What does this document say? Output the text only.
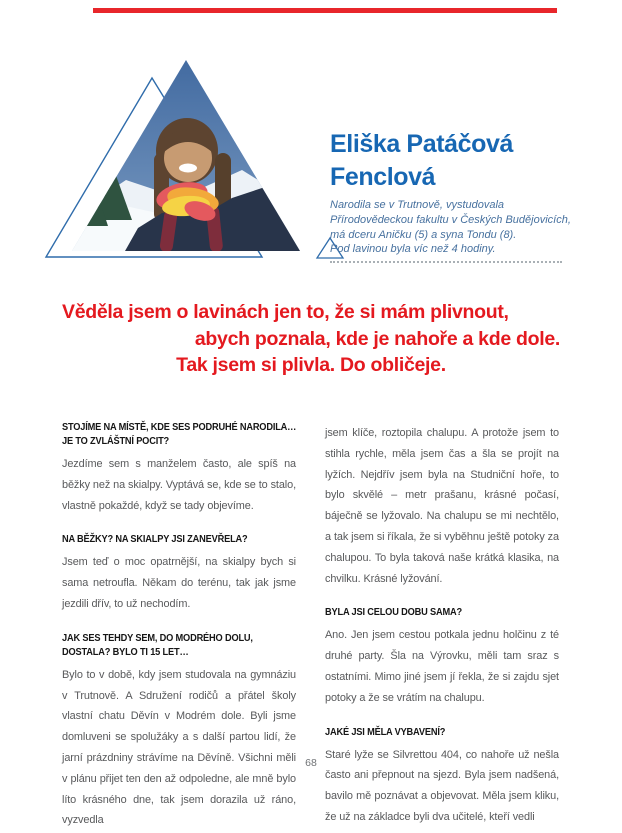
Eliška Patáčová
Fenclová
Narodila se v Trutnově, vystudovala
Přírodovědeckou fakultu v Českých Budějovicích,
má dceru Aničku (5) a syna Tondu (8).
Pod lavinou byla víc než 4 hodiny.
Věděla jsem o lavinách jen to, že si mám plivnout,
abych poznala, kde je nahoře a kde dole.
Tak jsem si plivla. Do obličeje.
STOJÍME NA MÍSTĚ, KDE SES PODRUHÉ NARODILA… JE TO ZVLÁŠTNÍ POCIT?

Jezdíme sem s manželem často, ale spíš na běžky než na skialpy. Vyptává se, kde se to stalo, vlastně pokaždé, když se tady objevíme.

NA BĚŽKY? NA SKIALPY JSI ZANEVŘELA?

Jsem teď o moc opatrnější, na skialpy bych si sama netroufla. Někam do terénu, tak jak jsme jezdili dřív, to už nechodím.

JAK SES TEHDY SEM, DO MODRÉHO DOLU, DOSTALA? BYLO TI 15 LET…

Bylo to v době, kdy jsem studovala na gymnáziu v Trutnově. A Sdružení rodičů a přátel školy vlastní chatu Děvín v Modrém dole. Byli jsme domluveni se spolužáky a s další partou lidí, že jarní prázdniny strávíme na Děvíně. Všichni měli v plánu přijet ten den až odpoledne, ale mně bylo líto krásného dne, tak jsem dorazila už ráno, vyzvedla

jsem klíče, roztopila chalupu. A protože jsem to stihla rychle, měla jsem čas a šla se projít na lyžích. Nejdřív jsem byla na Studniční hoře, to bylo skvělé – metr prašanu, krásné počasí, báječně se lyžovalo. Na chalupu se mi nechtělo, a tak jsem si říkala, že si vyběhnu ještě potoky za chalupou. To byla taková naše krátká klasika, na chvilku. Krásné lyžování.

BYLA JSI CELOU DOBU SAMA?

Ano. Jen jsem cestou potkala jednu holčinu z té druhé party. Šla na Výrovku, měli tam sraz s ostatními. Mimo jiné jsem jí řekla, že si zajdu sjet potoky a že se vrátím na chalupu.

JAKÉ JSI MĚLA VYBAVENÍ?

Staré lyže se Silvrettou 404, co nahoře už nešla často ani přepnout na sjezd. Byla jsem nadšená, bavilo mě poznávat a objevovat. Měla jsem kliku, že už na základce byli dva učitelé, kteří vedli

68
